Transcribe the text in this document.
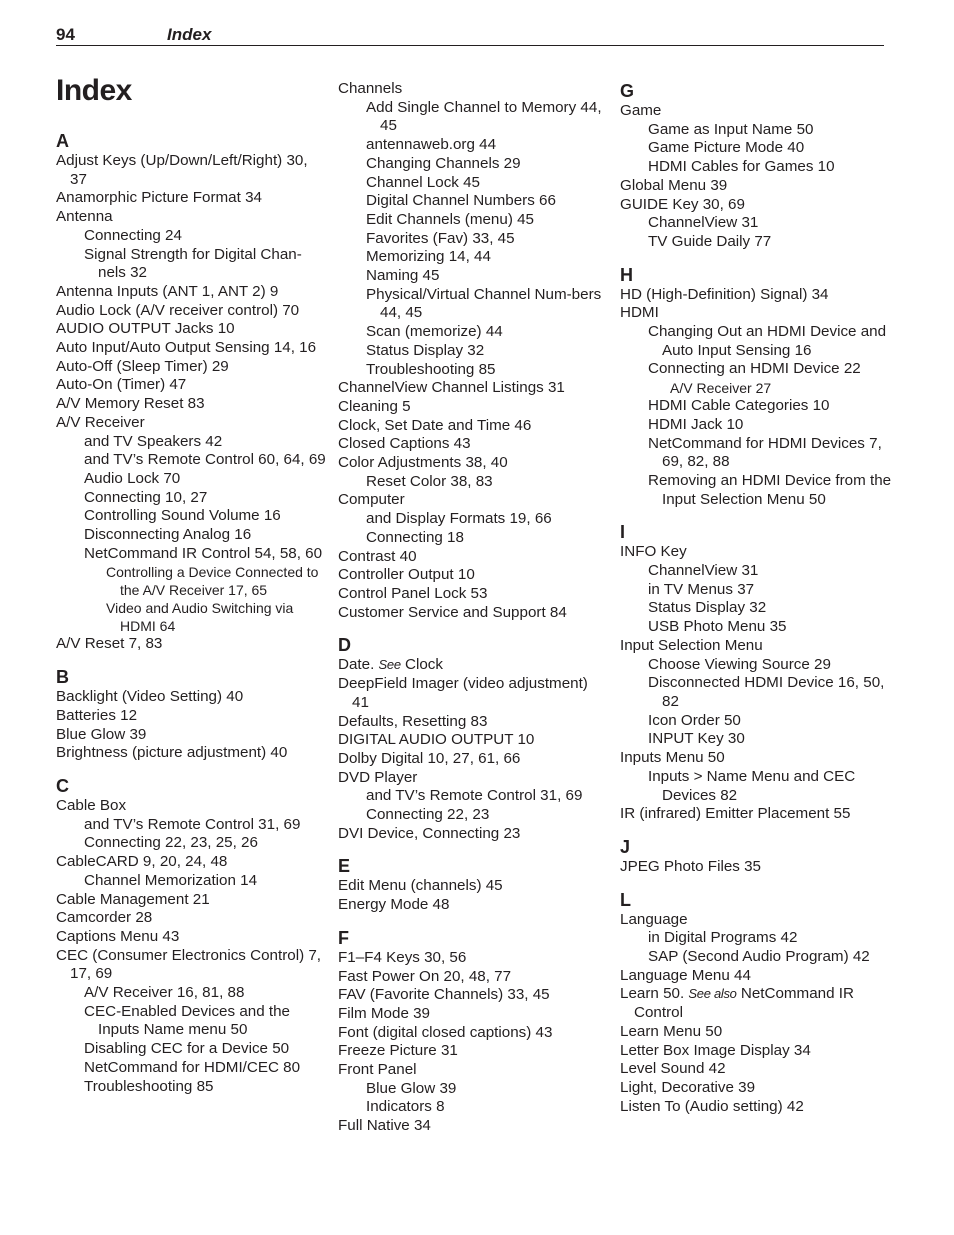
94	Index
Index
A
Adjust Keys (Up/Down/Left/Right) 30, 37
Anamorphic Picture Format 34
Antenna
Connecting 24
Signal Strength for Digital Chan-nels 32
Antenna Inputs (ANT 1, ANT 2) 9
Audio Lock (A/V receiver control) 70
AUDIO OUTPUT Jacks 10
Auto Input/Auto Output Sensing 14, 16
Auto-Off (Sleep Timer) 29
Auto-On (Timer) 47
A/V Memory Reset 83
A/V Receiver
and TV Speakers 42
and TV’s Remote Control 60, 64, 69
Audio Lock 70
Connecting 10, 27
Controlling Sound Volume 16
Disconnecting Analog 16
NetCommand IR Control 54, 58, 60
Controlling a Device Connected to the A/V Receiver 17, 65
Video and Audio Switching via HDMI 64
A/V Reset 7, 83
B
Backlight (Video Setting) 40
Batteries 12
Blue Glow 39
Brightness (picture adjustment) 40
C
Cable Box
and TV’s Remote Control 31, 69
Connecting 22, 23, 25, 26
CableCARD 9, 20, 24, 48
Channel Memorization 14
Cable Management 21
Camcorder 28
Captions Menu 43
CEC (Consumer Electronics Control) 7, 17, 69
A/V Receiver 16, 81, 88
CEC-Enabled Devices and the Inputs Name menu 50
Disabling CEC for a Device 50
NetCommand for HDMI/CEC 80
Troubleshooting 85
Channels
Add Single Channel to Memory 44, 45
antennaweb.org 44
Changing Channels 29
Channel Lock 45
Digital Channel Numbers 66
Edit Channels (menu) 45
Favorites (Fav) 33, 45
Memorizing 14, 44
Naming 45
Physical/Virtual Channel Num-bers 44, 45
Scan (memorize) 44
Status Display 32
Troubleshooting 85
ChannelView Channel Listings 31
Cleaning 5
Clock, Set Date and Time 46
Closed Captions 43
Color Adjustments 38, 40
Reset Color 38, 83
Computer
and Display Formats 19, 66
Connecting 18
Contrast 40
Controller Output 10
Control Panel Lock 53
Customer Service and Support 84
D
Date. See Clock
DeepField Imager (video adjustment) 41
Defaults, Resetting 83
DIGITAL AUDIO OUTPUT 10
Dolby Digital 10, 27, 61, 66
DVD Player
and TV’s Remote Control 31, 69
Connecting 22, 23
DVI Device, Connecting 23
E
Edit Menu (channels) 45
Energy Mode 48
F
F1–F4 Keys 30, 56
Fast Power On 20, 48, 77
FAV (Favorite Channels) 33, 45
Film Mode 39
Font (digital closed captions) 43
Freeze Picture 31
Front Panel
Blue Glow 39
Indicators 8
Full Native 34
G
Game
Game as Input Name 50
Game Picture Mode 40
HDMI Cables for Games 10
Global Menu 39
GUIDE Key 30, 69
ChannelView 31
TV Guide Daily 77
H
HD (High-Definition) Signal) 34
HDMI
Changing Out an HDMI Device and Auto Input Sensing 16
Connecting an HDMI Device 22
A/V Receiver 27
HDMI Cable Categories 10
HDMI Jack 10
NetCommand for HDMI Devices 7, 69, 82, 88
Removing an HDMI Device from the Input Selection Menu 50
I
INFO Key
ChannelView 31
in TV Menus 37
Status Display 32
USB Photo Menu 35
Input Selection Menu
Choose Viewing Source 29
Disconnected HDMI Device 16, 50, 82
Icon Order 50
INPUT Key 30
Inputs Menu 50
Inputs > Name Menu and CEC Devices 82
IR (infrared) Emitter Placement 55
J
JPEG Photo Files 35
L
Language
in Digital Programs 42
SAP (Second Audio Program) 42
Language Menu 44
Learn 50. See also NetCommand IR Control
Learn Menu 50
Letter Box Image Display 34
Level Sound 42
Light, Decorative 39
Listen To (Audio setting) 42
